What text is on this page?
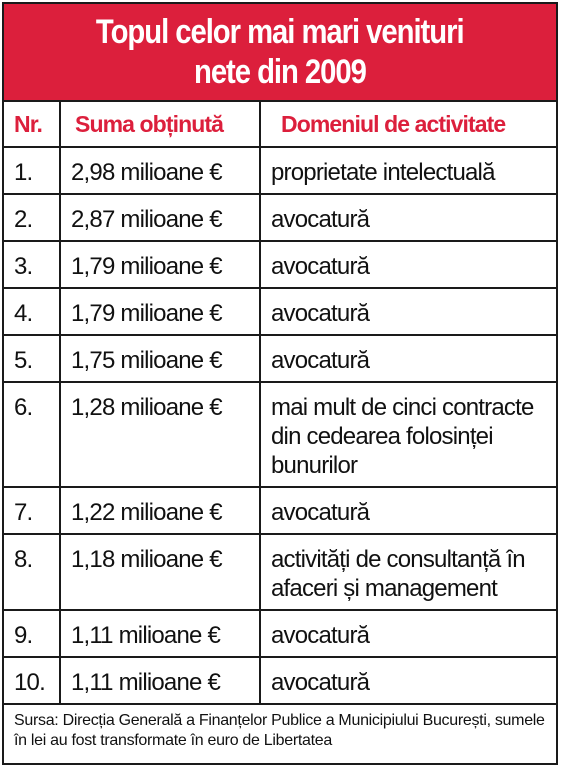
Topul celor mai mari venituri
nete din 2009
Nr.	Suma obținută	Domeniul de activitate
1.	2,98 milioane €	proprietate intelectuală
2.	2,87 milioane €	avocatură
3.	1,79 milioane €	avocatură
4.	1,79 milioane €	avocatură
5.	1,75 milioane €	avocatură
6.	1,28 milioane €	mai mult de cinci contracte din cedearea folosinței bunurilor
7.	1,22 milioane €	avocatură
8.	1,18 milioane €	activități de consultanță în afaceri și management
9.	1,11 milioane €	avocatură
10.	1,11 milioane €	avocatură
Sursa: Direcția Generală a Finanțelor Publice a Municipiului București, sumele în lei au fost transformate în euro de Libertatea
